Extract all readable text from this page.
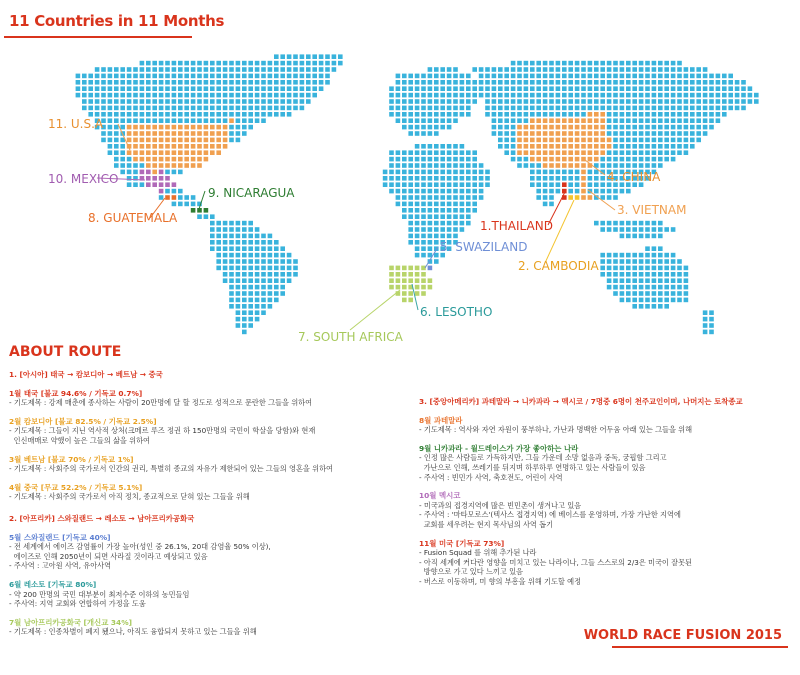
11 Countries in 11 Months
11. U.S.A
10. MEXICO
8. GUATEMALA
9. NICARAGUA
4. CHINA
3. VIETNAM
1.THAILAND
2. CAMBODIA
5. SWAZILAND
6. LESOTHO
7. SOUTH AFRICA
ABOUT ROUTE
1. [아시아] 태국 → 캄보디아 → 베트남 → 중국
1월 태국 [불교 94.6% / 기독교 0.7%]
- 기도제목 : 강제 매춘에 종사하는 사람이 20만명에 달 할 정도로 성적으로 문란한 그들을 위하여
2월 캄보디아 [불교 82.5% / 기독교 2.5%]
- 기도제목 : 그들이 지닌 역사적 상처(크메르 루즈 정권 하 150만명의 국민이 학살을 당함)와 현재
인신매매로 약했이 높은 그들의 삶을 위하여
3월 베트남 [불교 70% / 기독교 1%]
- 기도제목 : 사회주의 국가로서 인간의 권리, 특별히 종교의 자유가 제한되어 있는 그들의 영혼을 위하여
4월 중국 [무교 52.2% / 기독교 5.1%]
- 기도제목 : 사회주의 국가로서 아직 정치, 종교적으로 닫혀 있는 그들을 위해
2. [아프리카] 스와질랜드 → 레소토 → 남아프리카공화국
5월 스와질랜드 [기독교 40%]
- 전 세계에서 에이즈 감염률이 가장 높아(성인 중 26.1%, 20대 감염율 50% 이상),
에이즈로 인해 2050년이 되면 사라질 것이라고 예상되고 있음
- 주사역 : 고아원 사역, 유아사역
6월 레소토 [기독교 80%]
- 약 200 만명의 국민 대부분이 최저수준 이하의 농민들임
- 주사역: 지역 교회와 연합하여 가정을 도움
7월 남아프리카공화국 [개신교 34%]
- 기도제목 : 인종차별이 폐지 됐으나, 아직도 융합되지 못하고 있는 그들을 위해
3. [중앙아메리카] 과테말라 → 니카과라 → 멕시코 / 7명중 6명이 천주교인이며, 나머지는 토착종교
8월 과테말라
- 기도제목 : 역사와 자연 자원이 풍부하나, 가난과 명백한 어두움 아래 있는 그들을 위해
9월 니카과라 - 월드레이스가 가장 좋아하는 나라
- 인정 많은 사람들로 가득하지만, 그들 가운데 소망 없음과 중독, 궁핍함 그리고
가난으로 인해, 쓰레기를 뒤지며 하루하루 연명하고 있는 사람들이 있음
- 주사역 : 빈민가 사역, 축호전도, 어린이 사역
10월 멕시코
- 미국과의 접경지역에 많은 빈민촌이 생겨나고 있음
- 주사역 : '마타모로스'(텍사스 접경지역) 에 베이스를 운영하며, 가장 가난한 지역에
교회를 세우려는 현지 목사님의 사역 돕기
11월 미국 [기독교 73%]
- Fusion Squad 를 위해 추가된 나라
- 아직 세계에 커다란 영향을 미치고 있는 나라이나, 그들 스스로의 2/3은 미국이 잘못된
방향으로 가고 있다 느끼고 있음
- 버스로 이동하며, 미 향의 부흥을 위해 기도할 예정
WORLD RACE FUSION 2015
